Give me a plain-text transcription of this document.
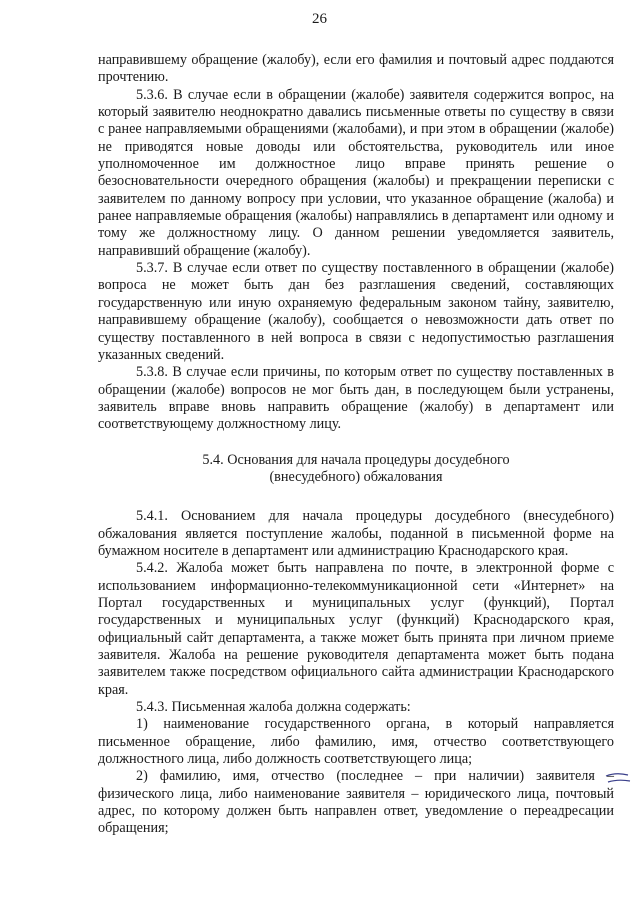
26

направившему обращение (жалобу), если его фамилия и почтовый адрес поддаются прочтению.

5.3.6. В случае если в обращении (жалобе) заявителя содержится вопрос, на который заявителю неоднократно давались письменные ответы по существу в связи с ранее направляемыми обращениями (жалобами), и при этом в обращении (жалобе) не приводятся новые доводы или обстоятельства, руководитель или иное уполномоченное им должностное лицо вправе принять решение о безосновательности очередного обращения (жалобы) и прекращении переписки с заявителем по данному вопросу при условии, что указанное обращение (жалоба) и ранее направляемые обращения (жалобы) направлялись в департамент или одному и тому же должностному лицу. О данном решении уведомляется заявитель, направивший обращение (жалобу).

5.3.7. В случае если ответ по существу поставленного в обращении (жалобе) вопроса не может быть дан без разглашения сведений, составляющих государственную или иную охраняемую федеральным законом тайну, заявителю, направившему обращение (жалобу), сообщается о невозможности дать ответ по существу поставленного в ней вопроса в связи с недопустимостью разглашения указанных сведений.

5.3.8. В случае если причины, по которым ответ по существу поставленных в обращении (жалобе) вопросов не мог быть дан, в последующем были устранены, заявитель вправе вновь направить обращение (жалобу) в департамент или соответствующему должностному лицу.

5.4. Основания для начала процедуры досудебного
(внесудебного) обжалования

5.4.1. Основанием для начала процедуры досудебного (внесудебного) обжалования является поступление жалобы, поданной в письменной форме на бумажном носителе в департамент или администрацию Краснодарского края.

5.4.2. Жалоба может быть направлена по почте, в электронной форме с использованием информационно-телекоммуникационной сети «Интернет» на Портал государственных и муниципальных услуг (функций), Портал государственных и муниципальных услуг (функций) Краснодарского края, официальный сайт департамента, а также может быть принята при личном приеме заявителя. Жалоба на решение руководителя департамента может быть подана заявителем также посредством официального сайта администрации Краснодарского края.

5.4.3. Письменная жалоба должна содержать:

1) наименование государственного органа, в который направляется письменное обращение, либо фамилию, имя, отчество соответствующего должностного лица, либо должность соответствующего лица;

2) фамилию, имя, отчество (последнее – при наличии) заявителя – физического лица, либо наименование заявителя – юридического лица, почтовый адрес, по которому должен быть направлен ответ, уведомление о переадресации обращения;
